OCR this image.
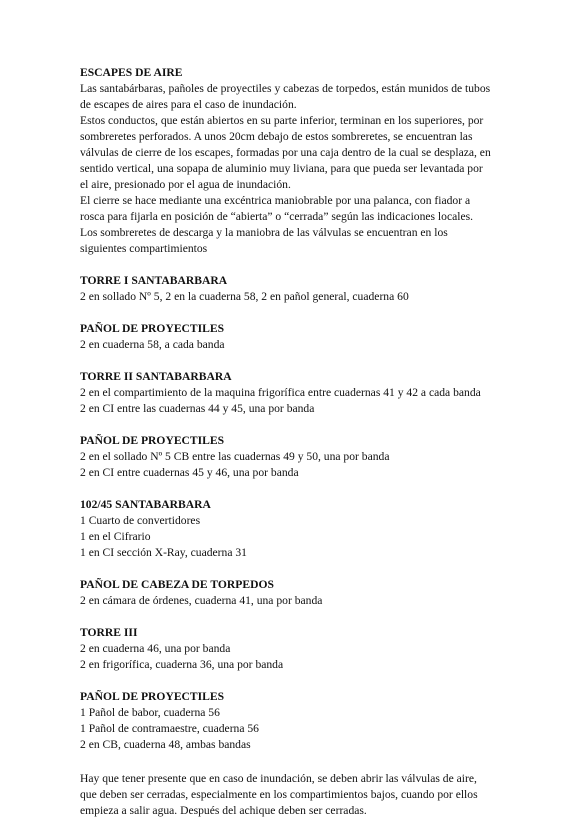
ESCAPES DE AIRE
Las santabárbaras, pañoles de proyectiles y cabezas de torpedos, están munidos de tubos
de escapes de aires para el caso de inundación.
Estos conductos, que están abiertos en su parte inferior, terminan en los superiores, por
sombreretes perforados. A unos 20cm debajo de estos sombreretes, se encuentran las
válvulas de cierre de los escapes, formadas por una caja dentro de la cual se desplaza, en
sentido vertical, una sopapa de aluminio muy liviana, para que pueda ser levantada por
el aire, presionado por el agua de inundación.
El cierre se hace mediante una excéntrica maniobrable por una palanca, con fiador a
rosca para fijarla en posición de “abierta” o “cerrada” según las indicaciones locales.
Los sombreretes de descarga y la maniobra de las válvulas se encuentran en los
siguientes compartimientos
TORRE I SANTABARBARA
2 en sollado Nº 5, 2 en la cuaderna 58, 2 en pañol general, cuaderna 60
PAÑOL DE PROYECTILES
2 en cuaderna 58, a cada banda
TORRE II SANTABARBARA
2 en el compartimiento de la maquina frigorífica entre cuadernas 41 y 42 a cada banda
2 en CI entre las cuadernas 44 y 45, una por banda
PAÑOL DE PROYECTILES
2 en el sollado Nº 5 CB entre las cuadernas 49 y 50, una por banda
2 en CI entre cuadernas 45 y 46, una por banda
102/45 SANTABARBARA
1 Cuarto de convertidores
1 en el Cifrario
1 en CI sección X-Ray, cuaderna 31
PAÑOL DE CABEZA DE TORPEDOS
2 en cámara de órdenes, cuaderna 41, una por banda
TORRE III
2 en cuaderna 46, una por banda
2 en frigorífica, cuaderna 36, una por banda
PAÑOL DE PROYECTILES
1 Pañol de babor, cuaderna 56
1 Pañol de contramaestre, cuaderna 56
2 en CB, cuaderna 48, ambas bandas
Hay que tener presente que en caso de inundación, se deben abrir las válvulas de aire,
que deben ser cerradas, especialmente en los compartimientos bajos, cuando por ellos
empieza a salir agua. Después del achique deben ser cerradas.
